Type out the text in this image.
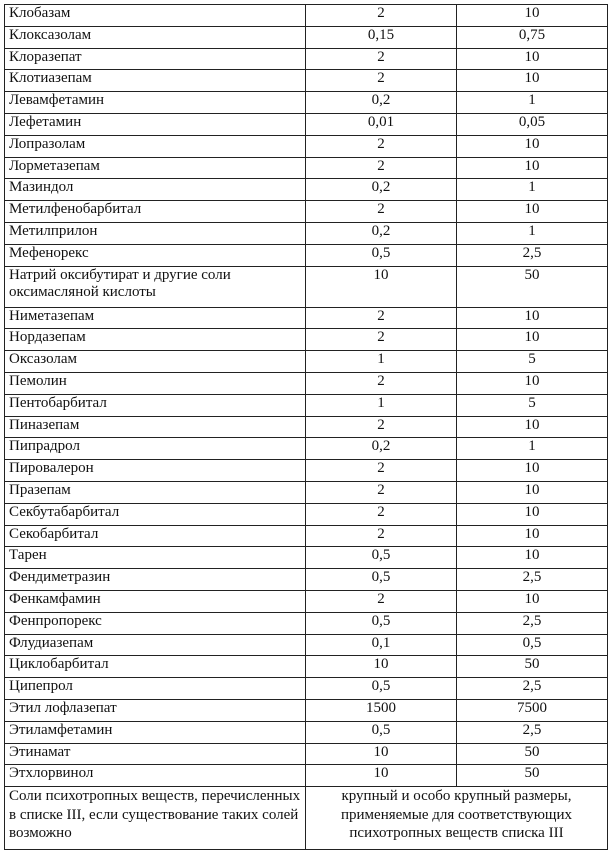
Клобазам	2	10
Клоксазолам	0,15	0,75
Клоразепат	2	10
Клотиазепам	2	10
Левамфетамин	0,2	1
Лефетамин	0,01	0,05
Лопразолам	2	10
Лорметазепам	2	10
Мазиндол	0,2	1
Метилфенобарбитал	2	10
Метилприлон	0,2	1
Мефенорекс	0,5	2,5
Натрий оксибутират и другие соли оксимасляной кислоты	10	50
Ниметазепам	2	10
Нордазепам	2	10
Оксазолам	1	5
Пемолин	2	10
Пентобарбитал	1	5
Пиназепам	2	10
Пипрадрол	0,2	1
Пировалерон	2	10
Празепам	2	10
Секбутабарбитал	2	10
Секобарбитал	2	10
Тарен	0,5	10
Фендиметразин	0,5	2,5
Фенкамфамин	2	10
Фенпропорекс	0,5	2,5
Флудиазепам	0,1	0,5
Циклобарбитал	10	50
Ципепрол	0,5	2,5
Этил лофлазепат	1500	7500
Этиламфетамин	0,5	2,5
Этинамат	10	50
Этхлорвинол	10	50
Соли психотропных веществ, перечисленных в списке III, если существование таких солей возможно	крупный и особо крупный размеры, применяемые для соответствующих психотропных веществ списка III	
